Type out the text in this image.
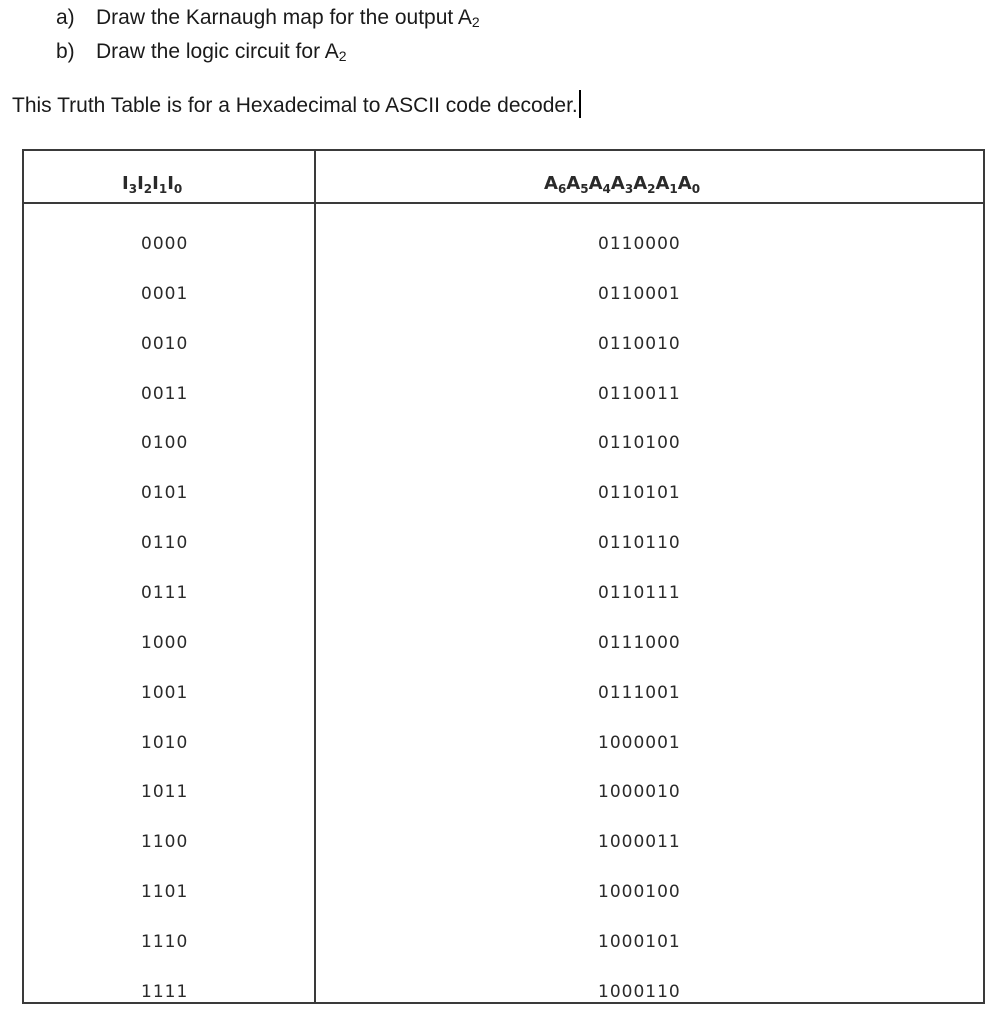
a) Draw the Karnaugh map for the output $A_2$
b) Draw the logic circuit for $A_2$
This Truth Table is for a Hexadecimal to ASCII code decoder.
$I_3I_2I_1I_0$	$A_6A_5A_4A_3A_2A_1A_0$
0000	0110000
0001	0110001
0010	0110010
0011	0110011
0100	0110100
0101	0110101
0110	0110110
0111	0110111
1000	0111000
1001	0111001
1010	1000001
1011	1000010
1100	1000011
1101	1000100
1110	1000101
1111	1000110
